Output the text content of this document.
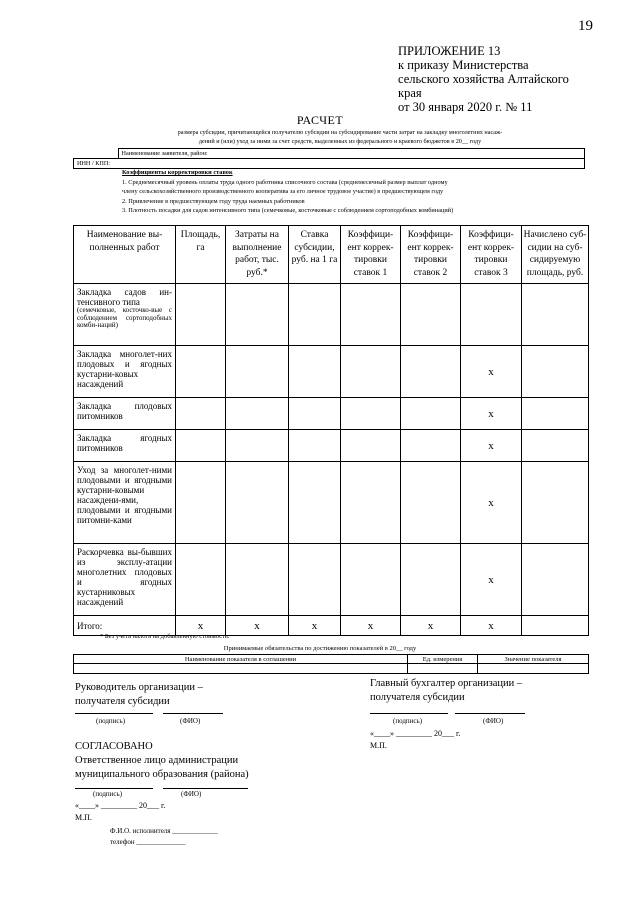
19
ПРИЛОЖЕНИЕ 13
к приказу Министерства
сельского хозяйства Алтайского
края
от 30 января 2020 г. № 11
РАСЧЕТ
размера субсидии, причитающейся получателю субсидии на субсидирование части затрат на закладку многолетних насаж-
дений и (или) уход за ними за счет средств, выделенных из федерального и краевого бюджетов в 20__ году
	Наименование заявителя, район:
ИНН / КПП:
Коэффициенты корректировки ставок
1. Среднемесячный уровень оплаты труда одного работника списочного состава (среднемесячный размер выплат одному
члену сельскохозяйственного производственного кооператива за его личное трудовое участие) в предшествующем году
2. Привлечение в предшествующем году труда наемных работников
3. Плотность посадки для садов интенсивного типа (семечковые, косточковые с соблюдением сортоподобных комбинаций)
Наименование вы-полненных работ	Площадь, га	Затраты на выполнение работ, тыс. руб.*	Ставка субсидии, руб. на 1 га	Коэффици-ент коррек-тировки ставок 1	Коэффици-ент коррек-тировки ставок 2	Коэффици-ент коррек-тировки ставок 3	Начислено суб-сидии на суб-сидируемую площадь, руб.

Закладка садов ин-тенсивного типа
(семечковые, косточко-вые с соблюдением сортоподобных комби-наций)							

Закладка многолет-них плодовых и ягодных кустарни-ковых насаждений						x	
Закладка плодовых питомников						x	
Закладка ягодных питомников						x	
Уход за многолет-ними плодовыми и ягодными кустарни-ковыми насаждени-ями, плодовыми и ягодными питомни-ками						x	
Раскорчевка вы-бывших из эксплу-атации многолетних плодовых и ягодных кустарниковых насаждений						x	
Итого:	x	x	x	x	x	x	
* Без учета налога на добавленную стоимость.
Принимаемые обязательства по достижению показателей в 20__ году
Наименование показателя в соглашении	Ед. измерения	Значение показателя

Руководитель организации –
получателя субсидии
(подпись)	(ФИО)
Главный бухгалтер организации –
получателя субсидии
(подпись)	(ФИО)
«____» _________ 20___ г.
М.П.
СОГЛАСОВАНО
Ответственное лицо администрации
муниципального образования (района)
(подпись)	(ФИО)
«____» _________ 20___ г.
М.П.
Ф.И.О. исполнителя _____________
телефон ______________
